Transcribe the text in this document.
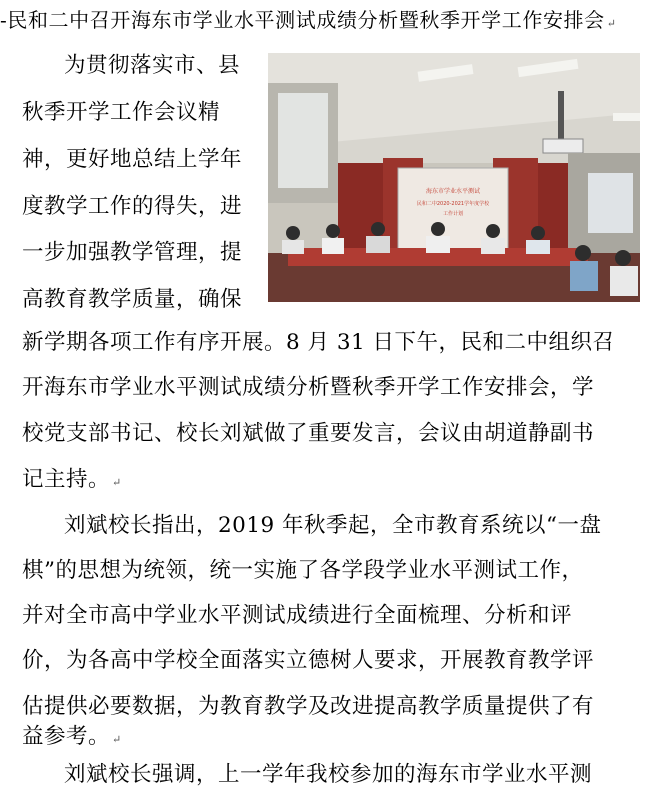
-民和二中召开海东市学业水平测试成绩分析暨秋季开学工作安排会 ↵
海东市学业水平测试
民和二中2020-2021学年度学校
工作计划
为贯彻落实市、县
秋季开学工作会议精
神，更好地总结上学年
度教学工作的得失，进
一步加强教学管理，提
高教育教学质量，确保
新学期各项工作有序开展。8 月 31 日下午，民和二中组织召
开海东市学业水平测试成绩分析暨秋季开学工作安排会，学
校党支部书记、校长刘斌做了重要发言，会议由胡道静副书
记主持。 ↵
刘斌校长指出，2019 年秋季起，全市教育系统以“一盘
棋”的思想为统领，统一实施了各学段学业水平测试工作，
并对全市高中学业水平测试成绩进行全面梳理、分析和评
价，为各高中学校全面落实立德树人要求，开展教育教学评
估提供必要数据，为教育教学及改进提高教学质量提供了有
益参考。 ↵
刘斌校长强调，上一学年我校参加的海东市学业水平测
